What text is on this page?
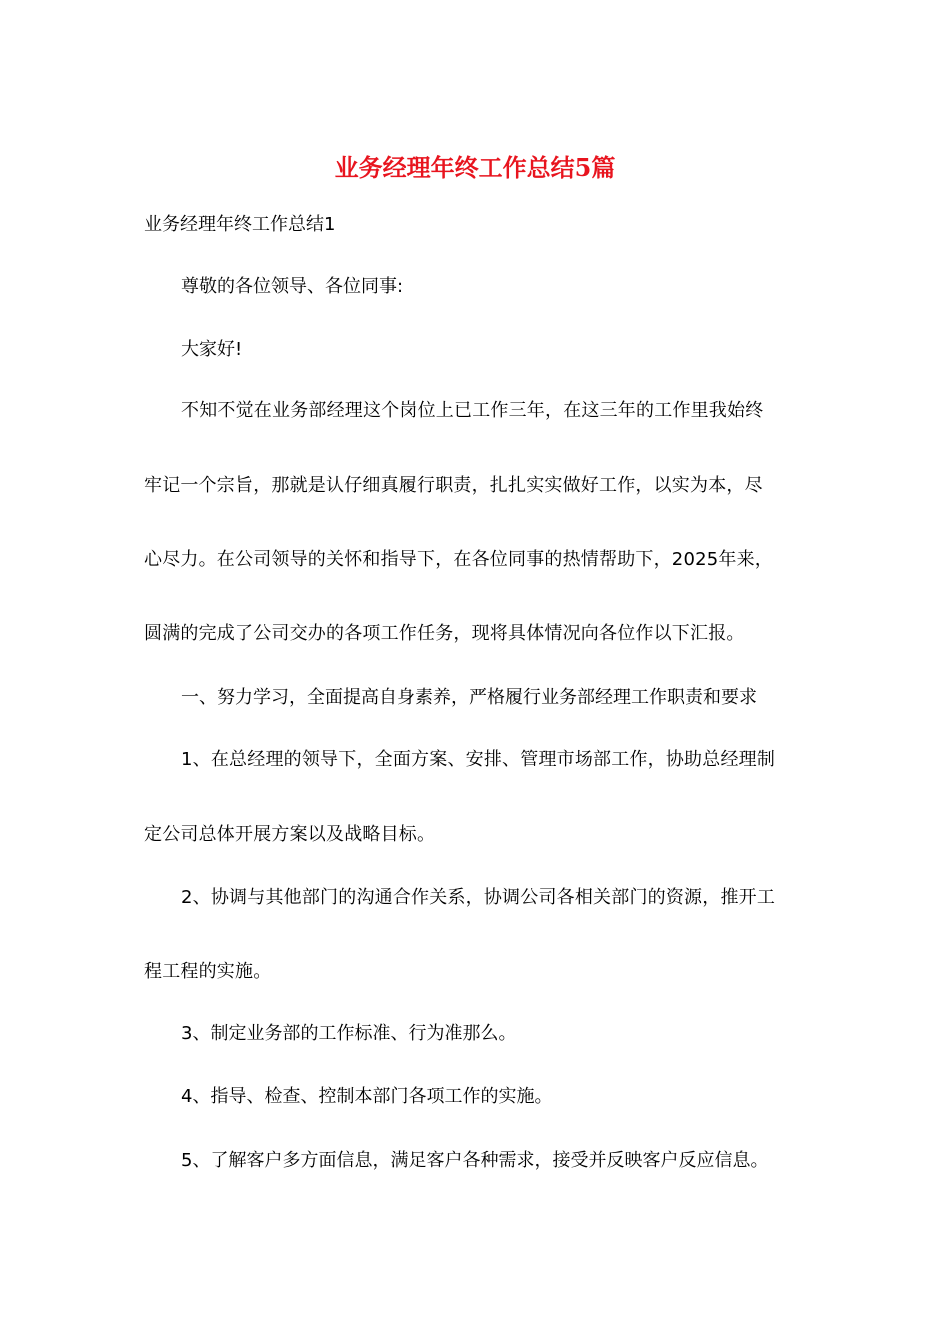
业务经理年终工作总结5篇

业务经理年终工作总结1

尊敬的各位领导、各位同事:

大家好!

不知不觉在业务部经理这个岗位上已工作三年，在这三年的工作里我始终

牢记一个宗旨，那就是认仔细真履行职责，扎扎实实做好工作，以实为本，尽

心尽力。在公司领导的关怀和指导下，在各位同事的热情帮助下，2025年来，

圆满的完成了公司交办的各项工作任务，现将具体情况向各位作以下汇报。

一、努力学习，全面提高自身素养，严格履行业务部经理工作职责和要求

1、在总经理的领导下，全面方案、安排、管理市场部工作，协助总经理制

定公司总体开展方案以及战略目标。

2、协调与其他部门的沟通合作关系，协调公司各相关部门的资源，推开工

程工程的实施。

3、制定业务部的工作标准、行为准那么。

4、指导、检查、控制本部门各项工作的实施。

5、了解客户多方面信息，满足客户各种需求，接受并反映客户反应信息。
